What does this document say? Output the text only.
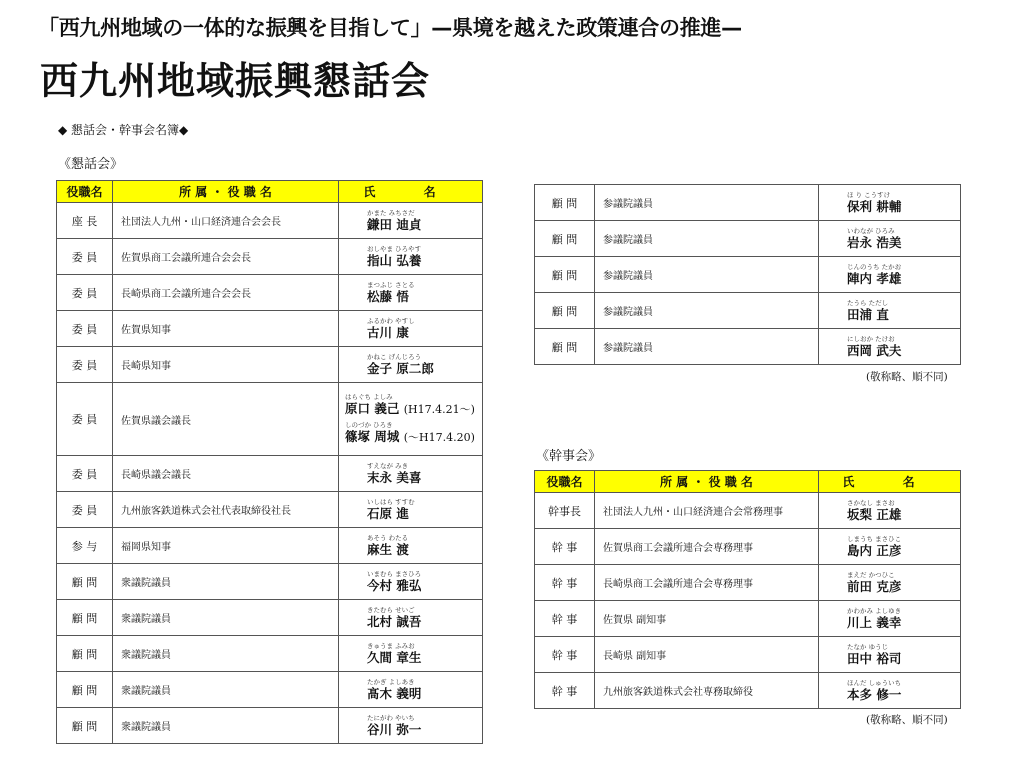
「西九州地域の一体的な振興を目指して」—県境を越えた政策連合の推進—
西九州地域振興懇話会
◆ 懇話会・幹事会名簿◆
《懇話会》
役職名	所 属 ・ 役 職 名	氏 名
座 長	社団法人九州・山口経済連合会会長	かまた みちさだ
鎌田 迪貞

委 員	佐賀県商工会議所連合会会長	おしやま ひろやす
指山 弘養

委 員	長崎県商工会議所連合会会長	まつふじ さとる
松藤 悟

委 員	佐賀県知事	ふるかわ やすし
古川 康

委 員	長崎県知事	かねこ げんじろう
金子 原二郎

委 員	佐賀県議会議長	はらぐち よしみ
原口 義己 (H17.4.21～)
しのづか ひろき
篠塚 周城 (～H17.4.20)

委 員	長崎県議会議長	すえなが みき
末永 美喜

委 員	九州旅客鉄道株式会社代表取締役社長	いしはら すすむ
石原 進

参 与	福岡県知事	あそう わたる
麻生 渡

顧 問	衆議院議員	いまむら まさひろ
今村 雅弘

顧 問	衆議院議員	きたむら せいご
北村 誠吾

顧 問	衆議院議員	きゅうま ふみお
久間 章生

顧 問	衆議院議員	たかぎ よしあき
髙木 義明

顧 問	衆議院議員	たにがわ やいち
谷川 弥一
顧 問	参議院議員	ほ り こうすけ
保利 耕輔

顧 問	参議院議員	いわなが ひろみ
岩永 浩美

顧 問	参議院議員	じんのうち たかお
陣内 孝雄

顧 問	参議院議員	たうら ただし
田浦 直

顧 問	参議院議員	にしおか たけお
西岡 武夫
(敬称略、順不同)
《幹事会》
役職名	所 属 ・ 役 職 名	氏 名
幹事長	社団法人九州・山口経済連合会常務理事	さかなし まさお
坂梨 正雄

幹 事	佐賀県商工会議所連合会専務理事	しまうち まさひこ
島内 正彦

幹 事	長崎県商工会議所連合会専務理事	まえだ かつひこ
前田 克彦

幹 事	佐賀県 副知事	かわかみ よしゆき
川上 義幸

幹 事	長崎県 副知事	たなか ゆうじ
田中 裕司

幹 事	九州旅客鉄道株式会社専務取締役	ほんだ しゅういち
本多 修一
(敬称略、順不同)
